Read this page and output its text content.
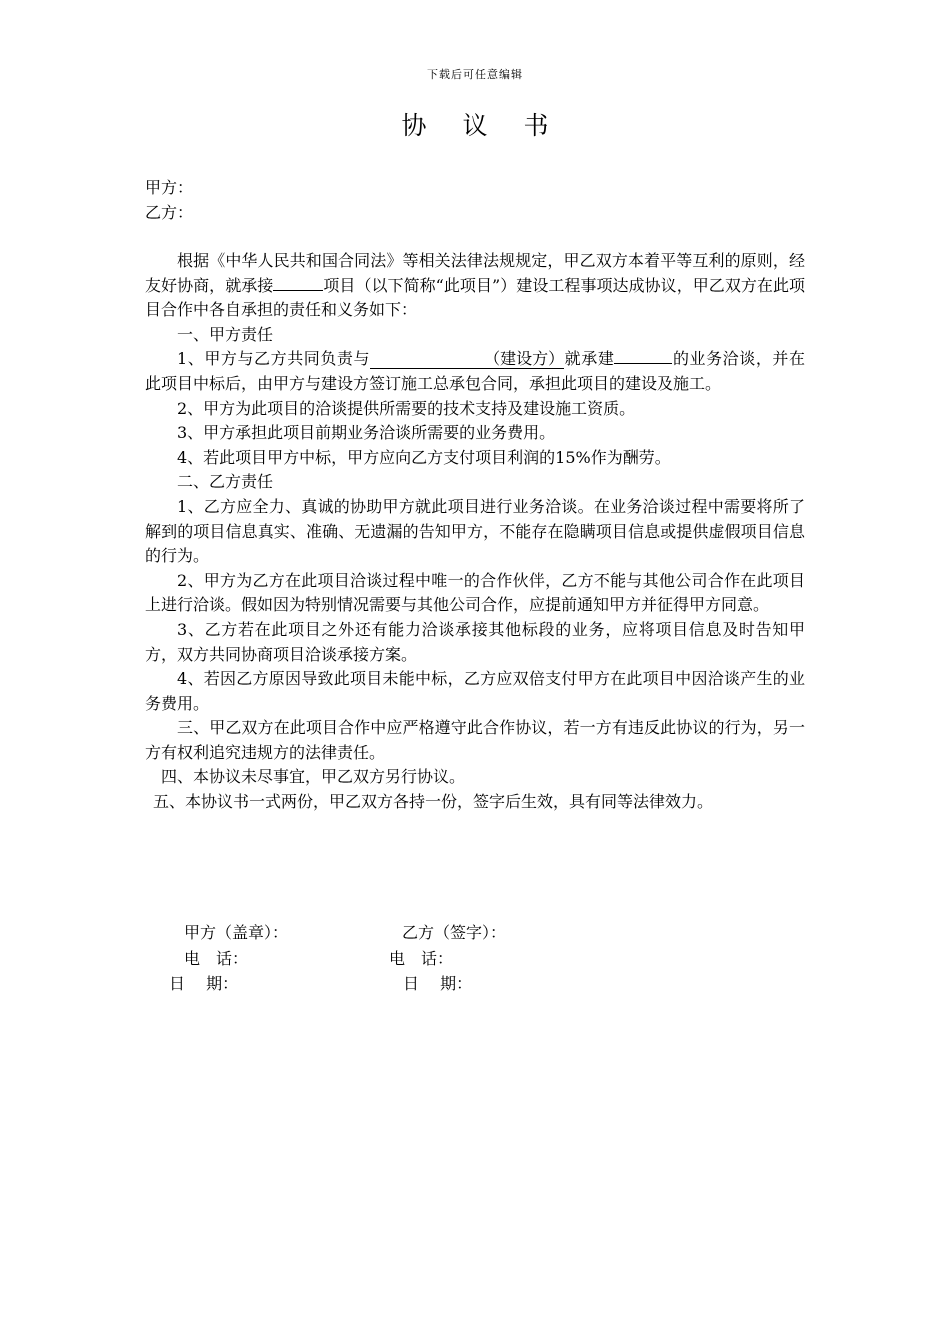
下载后可任意编辑
协 议 书
甲方：
乙方：

根据《中华人民共和国合同法》等相关法律法规规定，甲乙双方本着平等互利的原则，经友好协商，就承接	项目（以下简称“此项目”）建设工程事项达成协议，甲乙双方在此项目合作中各自承担的责任和义务如下：

一、甲方责任

1、甲方与乙方共同负责与	（建设方）就承建	的业务洽谈，并在此项目中标后，由甲方与建设方签订施工总承包合同，承担此项目的建设及施工。

2、甲方为此项目的洽谈提供所需要的技术支持及建设施工资质。

3、甲方承担此项目前期业务洽谈所需要的业务费用。

4、若此项目甲方中标，甲方应向乙方支付项目利润的15%作为酬劳。

二、乙方责任

1、乙方应全力、真诚的协助甲方就此项目进行业务洽谈。在业务洽谈过程中需要将所了解到的项目信息真实、准确、无遗漏的告知甲方，不能存在隐瞒项目信息或提供虚假项目信息的行为。

2、甲方为乙方在此项目洽谈过程中唯一的合作伙伴，乙方不能与其他公司合作在此项目上进行洽谈。假如因为特别情况需要与其他公司合作，应提前通知甲方并征得甲方同意。

3、乙方若在此项目之外还有能力洽谈承接其他标段的业务，应将项目信息及时告知甲方，双方共同协商项目洽谈承接方案。

4、若因乙方原因导致此项目未能中标，乙方应双倍支付甲方在此项目中因洽谈产生的业务费用。

三、甲乙双方在此项目合作中应严格遵守此合作协议，若一方有违反此协议的行为，另一方有权利追究违规方的法律责任。

四、本协议未尽事宜，甲乙双方另行协议。

五、本协议书一式两份，甲乙双方各持一份，签字后生效，具有同等法律效力。

甲方（盖章）：	乙方（签字）：
电　话：	电　话：
日　 期：	日　 期：
